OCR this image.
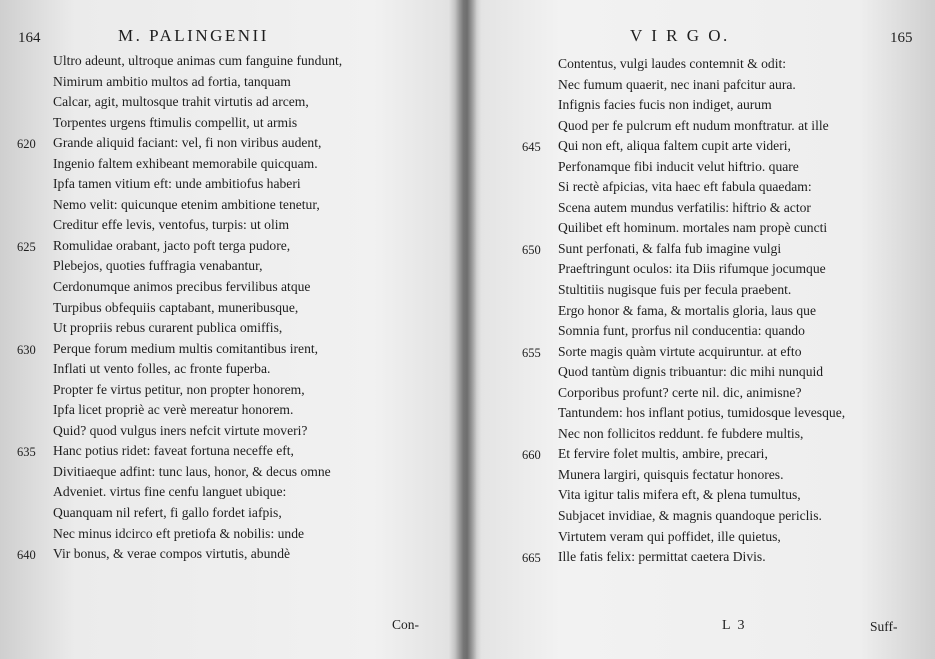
164	M. PALINGENII
Ultro adeunt, ultroque animas cum fanguine fundunt,
Nimirum ambitio multos ad fortia, tanquam
Calcar, agit, multosque trahit virtutis ad arcem,
Torpentes urgens ftimulis compellit, ut armis
620 Grande aliquid faciant: vel, fi non viribus audent,
Ingenio faltem exhibeant memorabile quicquam.
Ipfa tamen vitium eft: unde ambitiofus haberi
Nemo velit: quicunque etenim ambitione tenetur,
Creditur effe levis, ventofus, turpis: ut olim
625 Romulidae orabant, jacto poft terga pudore,
Plebejos, quoties fuffragia venabantur,
Cerdonumque animos precibus fervilibus atque
Turpibus obfequiis captabant, muneribusque,
Ut propriis rebus curarent publica omiffis,
630 Perque forum medium multis comitantibus irent,
Inflati ut vento folles, ac fronte fuperba.
Propter fe virtus petitur, non propter honorem,
Ipfa licet propriè ac verè mereatur honorem.
Quid? quod vulgus iners nefcit virtute moveri?
635 Hanc potius ridet: faveat fortuna neceffe eft,
Divitiaeque adfint: tunc laus, honor, & decus omne
Adveniet. virtus fine cenfu languet ubique:
Quanquam nil refert, fi gallo fordet iafpis,
Nec minus idcirco eft pretiofa & nobilis: unde
640 Vir bonus, & verae compos virtutis, abundè
Con-
V I R G O.	165
Contentus, vulgi laudes contemnit & odit:
Nec fumum quaerit, nec inani pafcitur aura.
Infignis facies fucis non indiget, aurum
Quod per fe pulcrum eft nudum monftratur. at ille
645 Qui non eft, aliqua faltem cupit arte videri,
Perfonamque fibi inducit velut hiftrio. quare
Si rectè afpicias, vita haec eft fabula quaedam:
Scena autem mundus verfatilis: hiftrio & actor
Quilibet eft hominum. mortales nam propè cuncti
650 Sunt perfonati, & falfa fub imagine vulgi
Praeftringunt oculos: ita Diis rifumque jocumque
Stultitiis nugisque fuis per fecula praebent.
Ergo honor & fama, & mortalis gloria, laus que
Somnia funt, prorfus nil conducentia: quando
655 Sorte magis quàm virtute acquiruntur. at efto
Quod tantùm dignis tribuantur: dic mihi nunquid
Corporibus profunt? certe nil. dic, animisne?
Tantundem: hos inflant potius, tumidosque levesque,
Nec non follicitos reddunt. fe fubdere multis,
660 Et fervire folet multis, ambire, precari,
Munera largiri, quisquis fectatur honores.
Vita igitur talis mifera eft, & plena tumultus,
Subjacet invidiae, & magnis quandoque periclis.
Virtutem veram qui poffidet, ille quietus,
665 Ille fatis felix: permittat caetera Divis.
L 3	Suff-
